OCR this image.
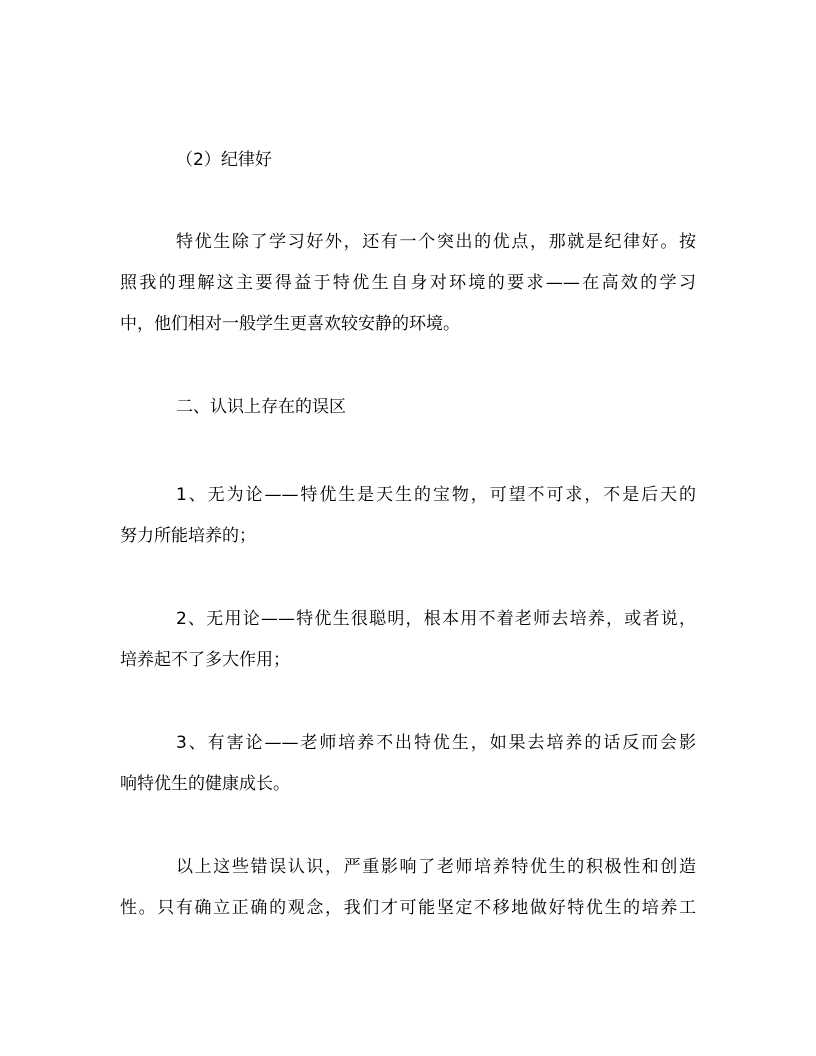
（2）纪律好
特优生除了学习好外，还有一个突出的优点，那就是纪律好。按
照我的理解这主要得益于特优生自身对环境的要求——在高效的学习
中，他们相对一般学生更喜欢较安静的环境。
二、认识上存在的误区
1、无为论——特优生是天生的宝物，可望不可求，不是后天的
努力所能培养的；
2、无用论——特优生很聪明，根本用不着老师去培养，或者说，
培养起不了多大作用；
3、有害论——老师培养不出特优生，如果去培养的话反而会影
响特优生的健康成长。
以上这些错误认识，严重影响了老师培养特优生的积极性和创造
性。只有确立正确的观念，我们才可能坚定不移地做好特优生的培养工
